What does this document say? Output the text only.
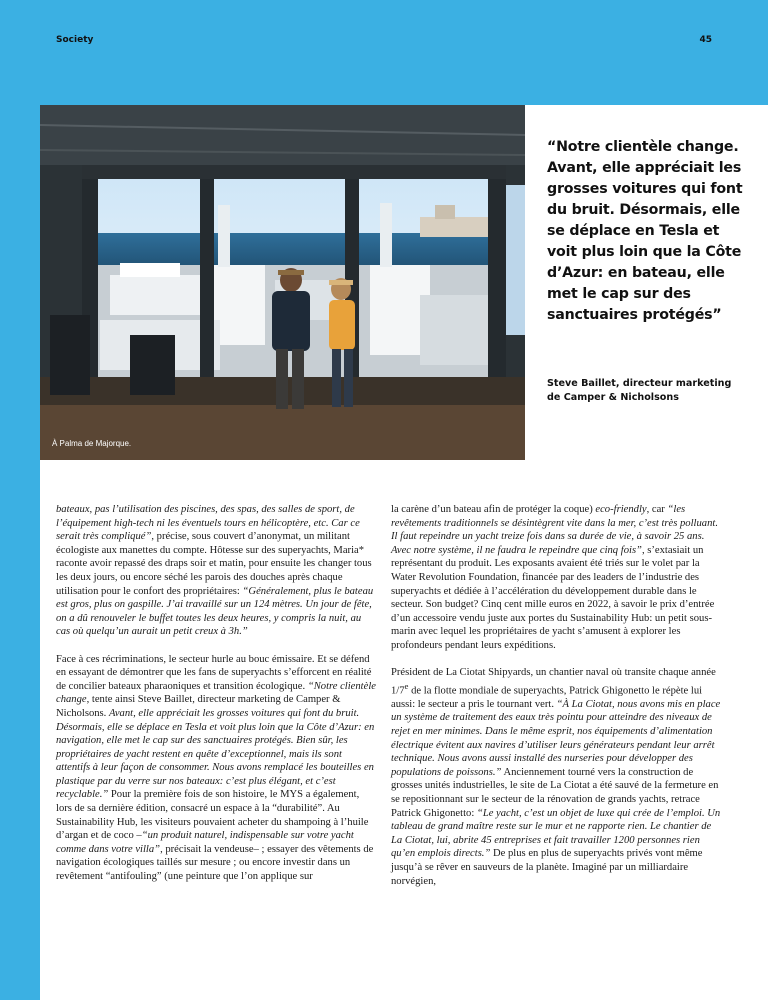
Society	45
À Palma de Majorque.
“Notre clientèle change. Avant, elle appréciait les grosses voitures qui font du bruit. Désormais, elle se déplace en Tesla et voit plus loin que la Côte d’Azur: en bateau, elle met le cap sur des sanctuaires protégés”
Steve Baillet, directeur marketing de Camper & Nicholsons

bateaux, pas l’utilisation des piscines, des spas, des salles de sport, de l’équipement high-tech ni les éventuels tours en hélicoptère, etc. Car ce serait très compliqué”, précise, sous couvert d’anonymat, un militant écologiste aux manettes du compte. Hôtesse sur des superyachts, Maria* raconte avoir repassé des draps soir et matin, pour ensuite les changer tous les deux jours, ou encore séché les parois des douches après chaque utilisation pour le confort des propriétaires: “Généralement, plus le bateau est gros, plus on gaspille. J’ai travaillé sur un 124 mètres. Un jour de fête, on a dû renouveler le buffet toutes les deux heures, y compris la nuit, au cas où quelqu’un aurait un petit creux à 3h.”

Face à ces récriminations, le secteur hurle au bouc émissaire. Et se défend en essayant de démontrer que les fans de superyachts s’efforcent en réalité de concilier bateaux pharaoniques et transition écologique. “Notre clientèle change, tente ainsi Steve Baillet, directeur marketing de Camper & Nicholsons. Avant, elle appréciait les grosses voitures qui font du bruit. Désormais, elle se déplace en Tesla et voit plus loin que la Côte d’Azur: en navigation, elle met le cap sur des sanctuaires protégés. Bien sûr, les propriétaires de yacht restent en quête d’exceptionnel, mais ils sont attentifs à leur façon de consommer. Nous avons remplacé les bouteilles en plastique par du verre sur nos bateaux: c’est plus élégant, et c’est recyclable.” Pour la première fois de son histoire, le MYS a également, lors de sa dernière édition, consacré un espace à la “durabilité”. Au Sustainability Hub, les visiteurs pouvaient acheter du shampoing à l’huile d’argan et de coco –“un produit naturel, indispensable sur votre yacht comme dans votre villa”, précisait la vendeuse– ; essayer des vêtements de navigation écologiques taillés sur mesure ; ou encore investir dans un revêtement “antifouling” (une peinture que l’on applique sur

la carène d’un bateau afin de protéger la coque) eco-friendly, car “les revêtements traditionnels se désintègrent vite dans la mer, c’est très polluant. Il faut repeindre un yacht treize fois dans sa durée de vie, à savoir 25 ans. Avec notre système, il ne faudra le repeindre que cinq fois”, s’extasiait un représentant du produit. Les exposants avaient été triés sur le volet par la Water Revolution Foundation, financée par des leaders de l’industrie des superyachts et dédiée à l’accélération du développement durable dans le secteur. Son budget? Cinq cent mille euros en 2022, à savoir le prix d’entrée d’un accessoire vendu juste aux portes du Sustainability Hub: un petit sous-marin avec lequel les propriétaires de yacht s’amusent à explorer les profondeurs pendant leurs expéditions.

Président de La Ciotat Shipyards, un chantier naval où transite chaque année 1/7e de la flotte mondiale de superyachts, Patrick Ghigonetto le répète lui aussi: le secteur a pris le tournant vert. “À La Ciotat, nous avons mis en place un système de traitement des eaux très pointu pour atteindre des niveaux de rejet en mer minimes. Dans le même esprit, nos équipements d’alimentation électrique évitent aux navires d’utiliser leurs générateurs pendant leur arrêt technique. Nous avons aussi installé des nurseries pour développer des populations de poissons.” Anciennement tourné vers la construction de grosses unités industrielles, le site de La Ciotat a été sauvé de la fermeture en se repositionnant sur le secteur de la rénovation de grands yachts, retrace Patrick Ghigonetto: “Le yacht, c’est un objet de luxe qui crée de l’emploi. Un tableau de grand maître reste sur le mur et ne rapporte rien. Le chantier de La Ciotat, lui, abrite 45 entreprises et fait travailler 1200 personnes rien qu’en emplois directs.” De plus en plus de superyachts privés vont même jusqu’à se rêver en sauveurs de la planète. Imaginé par un milliardaire norvégien,
